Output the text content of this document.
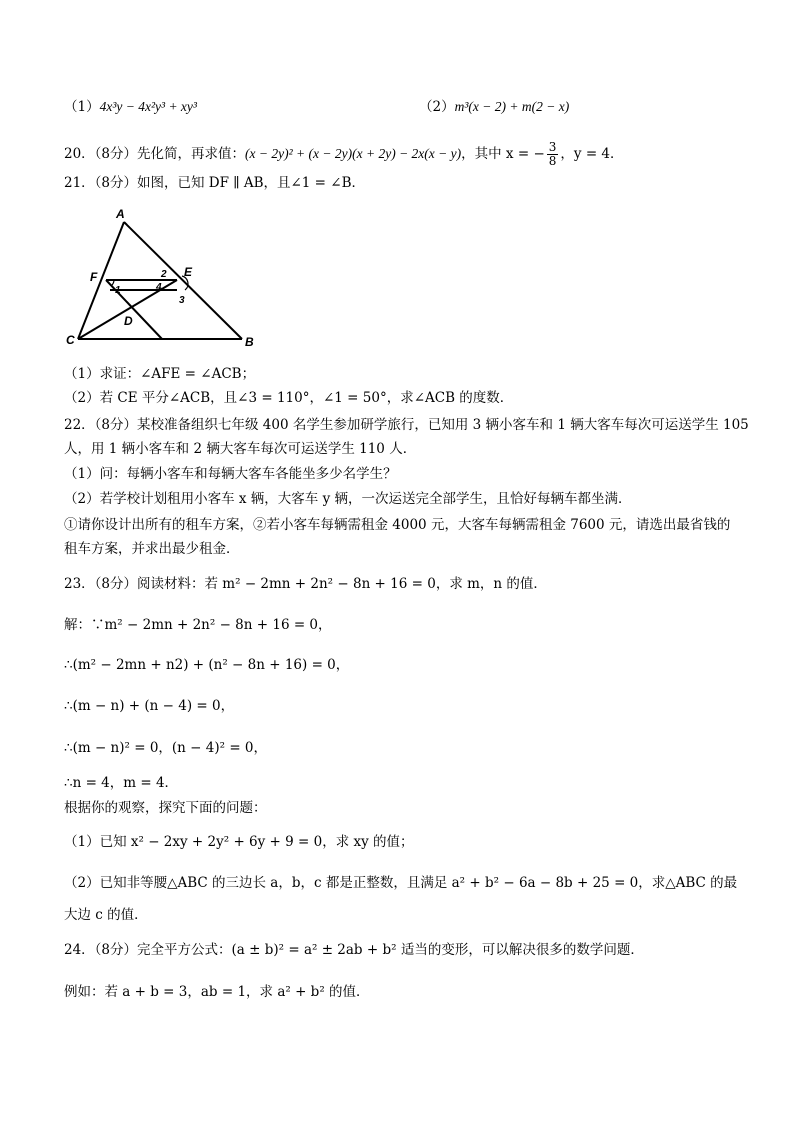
（1）4x³y − 4x²y³ + xy³	（2）m³(x − 2) + m(2 − x)
20．（8分）先化简，再求值：(x − 2y)² + (x − 2y)(x + 2y) − 2x(x − y)，其中 x = − $\frac{3}{8}$ ，y = 4．
21．（8分）如图，已知 DF ∥ AB，且∠1 = ∠B．
A
F	E
D
C	B
1
2
4
3
（1）求证：∠AFE = ∠ACB；
（2）若 CE 平分∠ACB，且∠3 = 110°，∠1 = 50°，求∠ACB 的度数．
22．（8分）某校准备组织七年级 400 名学生参加研学旅行，已知用 3 辆小客车和 1 辆大客车每次可运送学生 105
人，用 1 辆小客车和 2 辆大客车每次可运送学生 110 人．
（1）问：每辆小客车和每辆大客车各能坐多少名学生？
（2）若学校计划租用小客车 x 辆，大客车 y 辆，一次运送完全部学生，且恰好每辆车都坐满．
①请你设计出所有的租车方案，②若小客车每辆需租金 4000 元，大客车每辆需租金 7600 元，请选出最省钱的
租车方案，并求出最少租金．
23．（8分）阅读材料：若 m² − 2mn + 2n² − 8n + 16 = 0，求 m，n 的值．
解：∵m² − 2mn + 2n² − 8n + 16 = 0，
∴(m² − 2mn + n2) + (n² − 8n + 16) = 0，
∴(m − n) + (n − 4) = 0，
∴(m − n)² = 0，(n − 4)² = 0，
∴n = 4，m = 4．
根据你的观察，探究下面的问题：
（1）已知 x² − 2xy + 2y² + 6y + 9 = 0，求 xy 的值；
（2）已知非等腰△ABC 的三边长 a，b，c 都是正整数，且满足 a² + b² − 6a − 8b + 25 = 0，求△ABC 的最
大边 c 的值．
24．（8分）完全平方公式：(a ± b)² = a² ± 2ab + b² 适当的变形，可以解决很多的数学问题．
例如：若 a + b = 3，ab = 1，求 a² + b² 的值．
